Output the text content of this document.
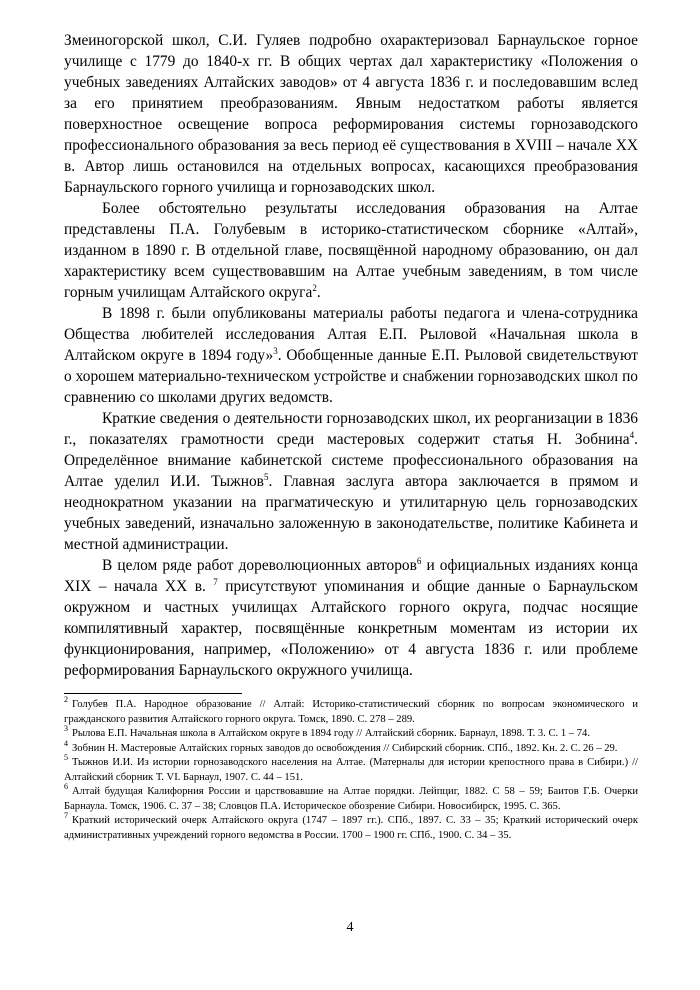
Змеиногорской школ, С.И. Гуляев подробно охарактеризовал Барнаульское горное училище с 1779 до 1840-х гг. В общих чертах дал характеристику «Положения о учебных заведениях Алтайских заводов» от 4 августа 1836 г. и последовавшим вслед за его принятием преобразованиям. Явным недостатком работы является поверхностное освещение вопроса реформирования системы горнозаводского профессионального образования за весь период её существования в XVIII – начале XX в. Автор лишь остановился на отдельных вопросах, касающихся преобразования Барнаульского горного училища и горнозаводских школ.

Более обстоятельно результаты исследования образования на Алтае представлены П.А. Голубевым в историко-статистическом сборнике «Алтай», изданном в 1890 г. В отдельной главе, посвящённой народному образованию, он дал характеристику всем существовавшим на Алтае учебным заведениям, в том числе горным училищам Алтайского округа$^2$.

В 1898 г. были опубликованы материалы работы педагога и члена-сотрудника Общества любителей исследования Алтая Е.П. Рыловой «Начальная школа в Алтайском округе в 1894 году»$^3$. Обобщенные данные Е.П. Рыловой свидетельствуют о хорошем материально-техническом устройстве и снабжении горнозаводских школ по сравнению со школами других ведомств.

Краткие сведения о деятельности горнозаводских школ, их реорганизации в 1836 г., показателях грамотности среди мастеровых содержит статья Н. Зобнина$^4$. Определённое внимание кабинетской системе профессионального образования на Алтае уделил И.И. Тыжнов$^5$. Главная заслуга автора заключается в прямом и неоднократном указании на прагматическую и утилитарную цель горнозаводских учебных заведений, изначально заложенную в законодательстве, политике Кабинета и местной администрации.

В целом ряде работ дореволюционных авторов$^6$ и официальных изданиях конца XIX – начала XX в. $^7$ присутствуют упоминания и общие данные о Барнаульском окружном и частных училищах Алтайского горного округа, подчас носящие компилятивный характер, посвящённые конкретным моментам из истории их функционирования, например, «Положению» от 4 августа 1836 г. или проблеме реформирования Барнаульского окружного училища.

$^2$ Голубев П.А. Народное образование // Алтай: Историко-статистический сборник по вопросам экономического и гражданского развития Алтайского горного округа. Томск, 1890. С. 278 – 289.

$^3$ Рылова Е.П. Начальная школа в Алтайском округе в 1894 году // Алтайский сборник. Барнаул, 1898. Т. 3. С. 1 – 74.

$^4$ Зобнин Н. Мастеровые Алтайских горных заводов до освобождения // Сибирский сборник. СПб., 1892. Кн. 2. С. 26 – 29.

$^5$ Тыжнов И.И. Из истории горнозаводского населения на Алтае. (Матерналы для истории крепостного права в Сибири.) // Алтайский сборник Т. VI. Барнаул, 1907. С. 44 – 151.

$^6$ Алтай будущая Калифорния России и царствовавшие на Алтае порядки. Лейпциг, 1882. С 58 – 59; Баитов Г.Б. Очерки Барнаула. Томск, 1906. С. 37 – 38; Словцов П.А. Историческое обозрение Сибири. Новосибирск, 1995. С. 365.

$^7$ Краткий исторический очерк Алтайского округа (1747 – 1897 гг.). СПб., 1897. С. 33 – 35; Краткий исторический очерк административных учреждений горного ведомства в России. 1700 – 1900 гг. СПб., 1900. С. 34 – 35.

4
